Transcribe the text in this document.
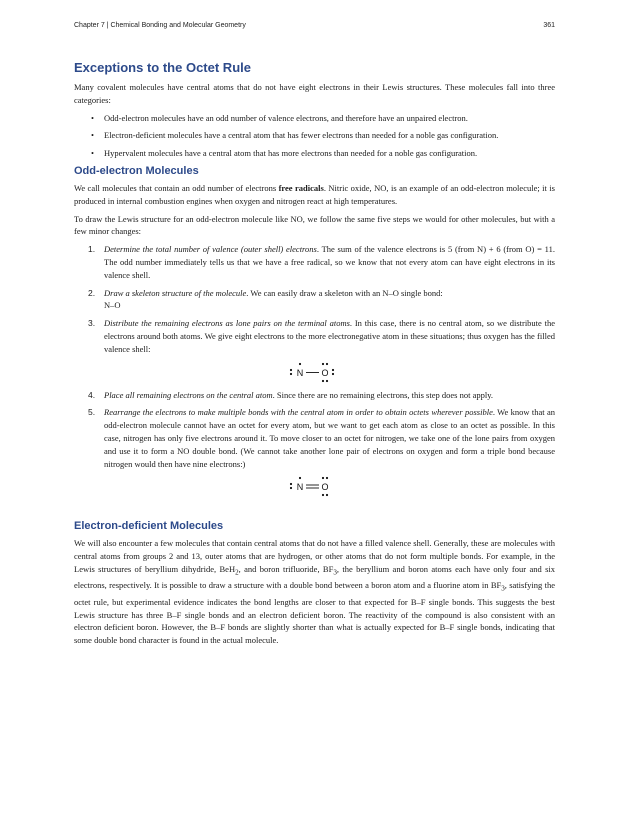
Chapter 7 | Chemical Bonding and Molecular Geometry	361
Exceptions to the Octet Rule

Many covalent molecules have central atoms that do not have eight electrons in their Lewis structures. These molecules fall into three categories:

• Odd-electron molecules have an odd number of valence electrons, and therefore have an unpaired electron.
• Electron-deficient molecules have a central atom that has fewer electrons than needed for a noble gas configuration.
• Hypervalent molecules have a central atom that has more electrons than needed for a noble gas configuration.
Odd-electron Molecules

We call molecules that contain an odd number of electrons free radicals. Nitric oxide, NO, is an example of an odd-electron molecule; it is produced in internal combustion engines when oxygen and nitrogen react at high temperatures.

To draw the Lewis structure for an odd-electron molecule like NO, we follow the same five steps we would for other molecules, but with a few minor changes:

1. Determine the total number of valence (outer shell) electrons. The sum of the valence electrons is 5 (from N) + 6 (from O) = 11. The odd number immediately tells us that we have a free radical, so we know that not every atom can have eight electrons in its valence shell.
2. Draw a skeleton structure of the molecule. We can easily draw a skeleton with an N–O single bond:
N–O
3. Distribute the remaining electrons as lone pairs on the terminal atoms. In this case, there is no central atom, so we distribute the electrons around both atoms. We give eight electrons to the more electronegative atom in these situations; thus oxygen has the filled valence shell:
N O
4. Place all remaining electrons on the central atom. Since there are no remaining electrons, this step does not apply.
5. Rearrange the electrons to make multiple bonds with the central atom in order to obtain octets wherever possible. We know that an odd-electron molecule cannot have an octet for every atom, but we want to get each atom as close to an octet as possible. In this case, nitrogen has only five electrons around it. To move closer to an octet for nitrogen, we take one of the lone pairs from oxygen and use it to form a NO double bond. (We cannot take another lone pair of electrons on oxygen and form a triple bond because nitrogen would then have nine electrons:)
N O
Electron-deficient Molecules

We will also encounter a few molecules that contain central atoms that do not have a filled valence shell. Generally, these are molecules with central atoms from groups 2 and 13, outer atoms that are hydrogen, or other atoms that do not form multiple bonds. For example, in the Lewis structures of beryllium dihydride, BeH$_2$, and boron trifluoride, $BF_3$, the beryllium and boron atoms each have only four and six electrons, respectively. It is possible to draw a structure with a double bond between a boron atom and a fluorine atom in $BF_3$, satisfying the octet rule, but experimental evidence indicates the bond lengths are closer to that expected for B–F single bonds. This suggests the best Lewis structure has three B–F single bonds and an electron deficient boron. The reactivity of the compound is also consistent with an electron deficient boron. However, the B–F bonds are slightly shorter than what is actually expected for B–F single bonds, indicating that some double bond character is found in the actual molecule.
